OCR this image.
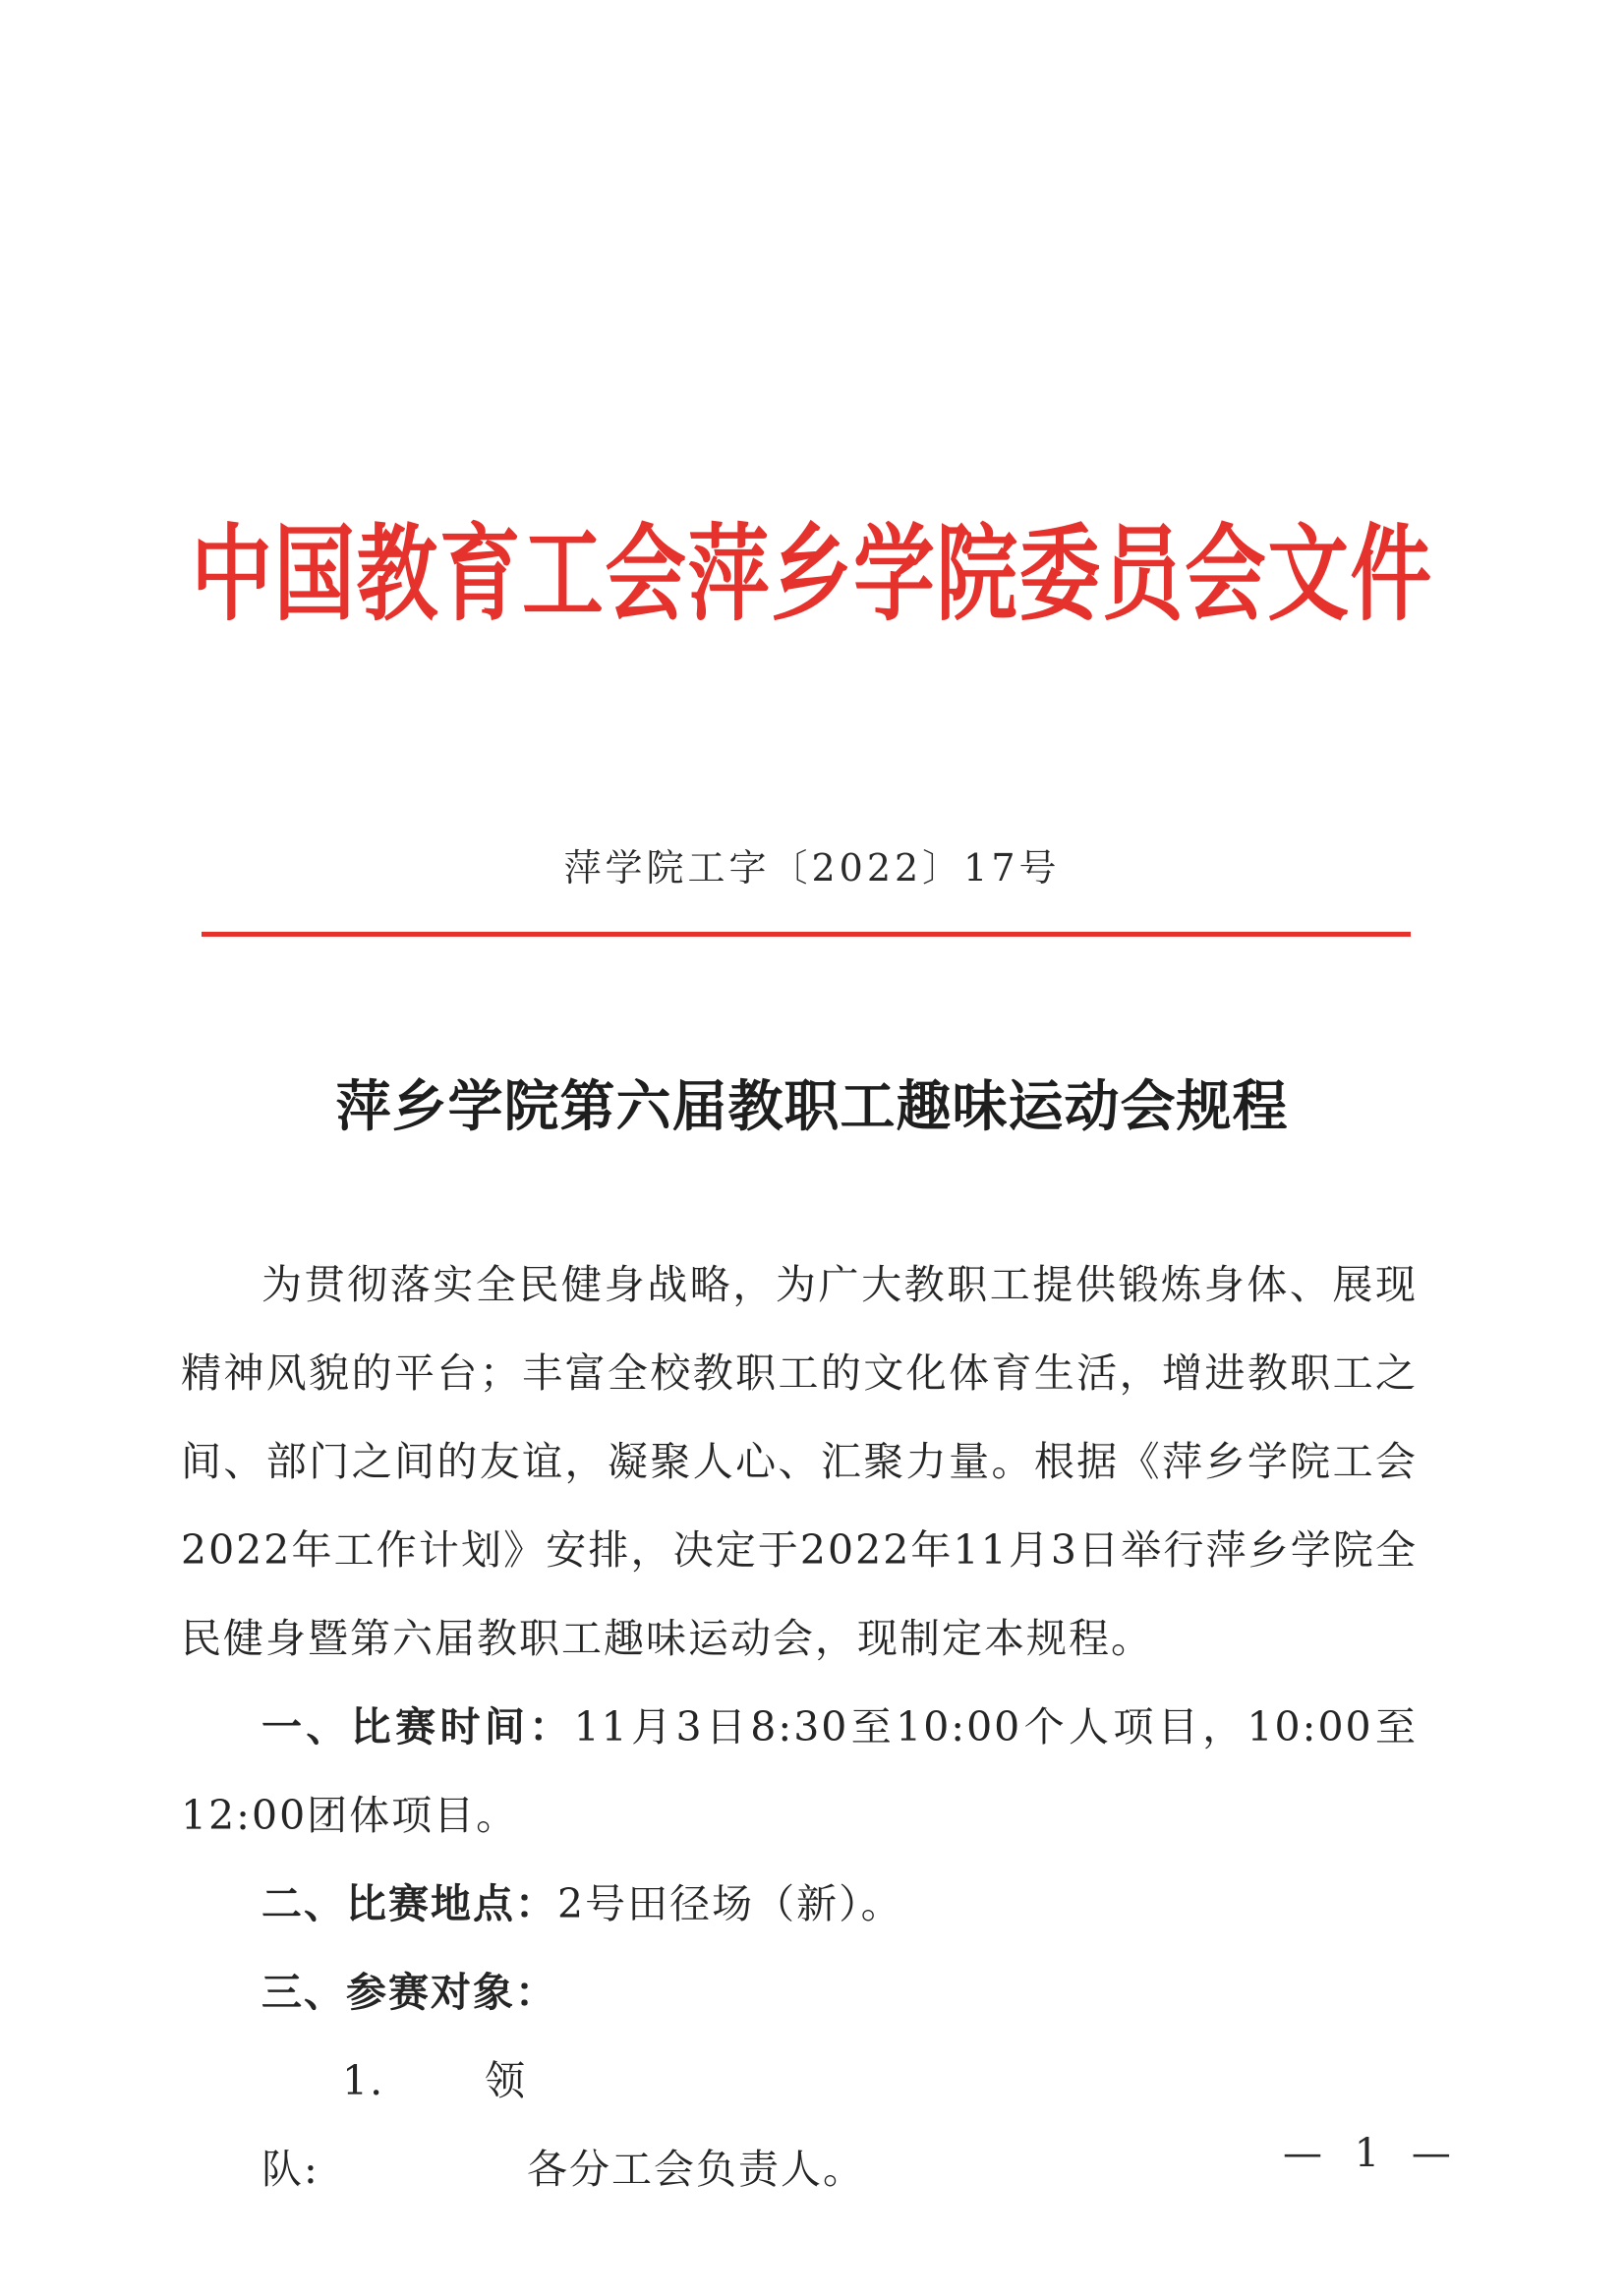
中国教育工会萍乡学院委员会文件
萍学院工字〔2022〕17号
萍乡学院第六届教职工趣味运动会规程

为贯彻落实全民健身战略，为广大教职工提供锻炼身体、展现精神风貌的平台；丰富全校教职工的文化体育生活，增进教职工之间、部门之间的友谊，凝聚人心、汇聚力量。根据《萍乡学院工会2022年工作计划》安排，决定于2022年11月3日举行萍乡学院全民健身暨第六届教职工趣味运动会，现制定本规程。

一、比赛时间：11月3日8:30至10:00个人项目，10:00至12:00团体项目。

二、比赛地点：2号田径场（新）。

三、参赛对象：

1.领　　队:	各分工会负责人。	— 1 —
